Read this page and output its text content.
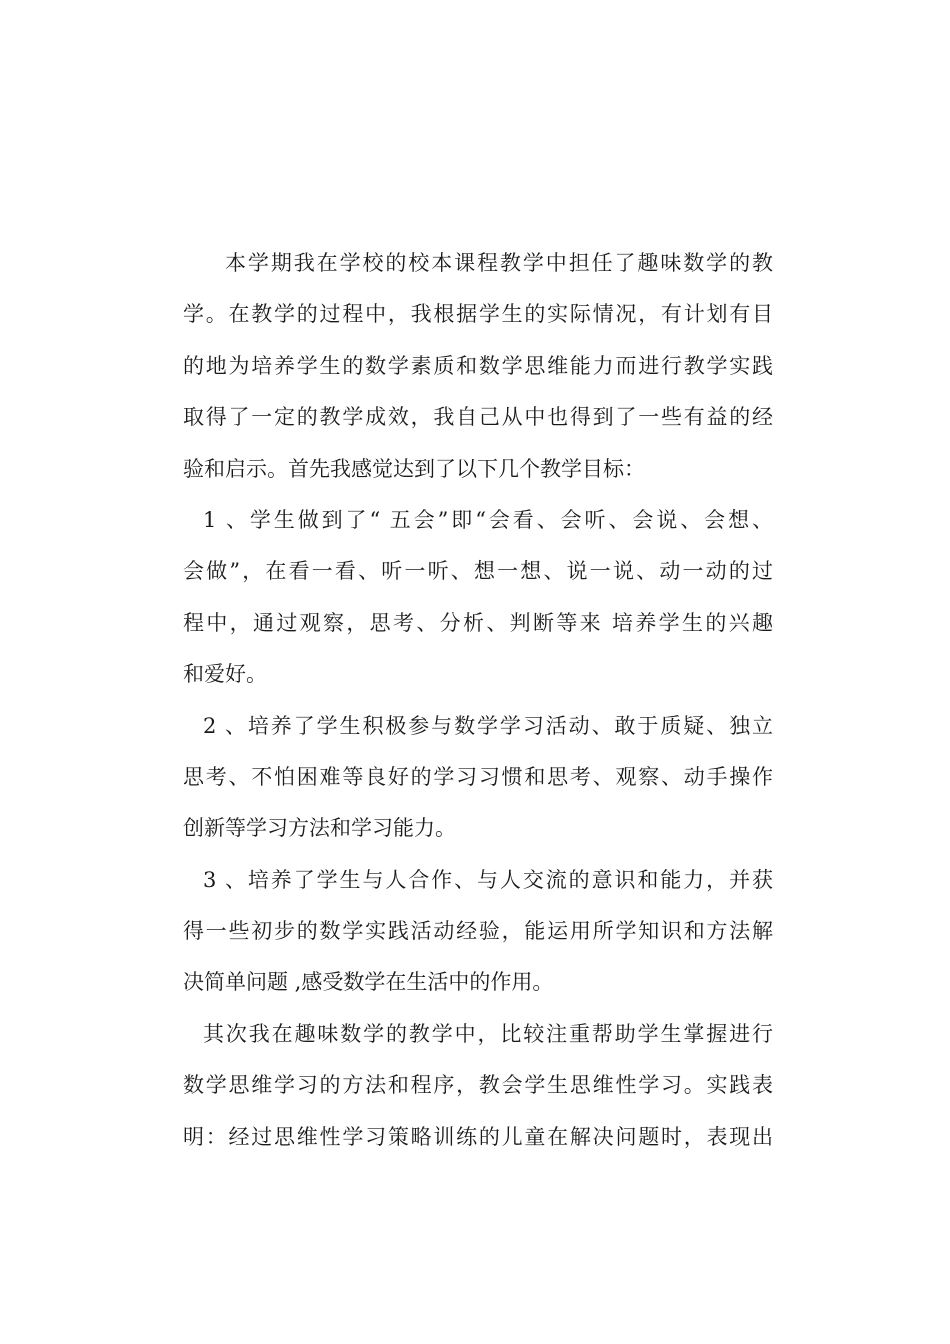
本学期我在学校的校本课程教学中担任了趣味数学的教
学。在教学的过程中，我根据学生的实际情况，有计划有目
的地为培养学生的数学素质和数学思维能力而进行教学实践
取得了一定的教学成效，我自己从中也得到了一些有益的经
验和启示。首先我感觉达到了以下几个教学目标：
1 、学生做到了“ 五会”即“会看、会听、会说、会想、
会做”，在看一看、听一听、想一想、说一说、动一动的过
程中，通过观察，思考、分析、判断等来 培养学生的兴趣
和爱好。
2 、培养了学生积极参与数学学习活动、敢于质疑、独立
思考、不怕困难等良好的学习习惯和思考、观察、动手操作
创新等学习方法和学习能力。
3 、培养了学生与人合作、与人交流的意识和能力，并获
得一些初步的数学实践活动经验，能运用所学知识和方法解
决简单问题 ,感受数学在生活中的作用。
其次我在趣味数学的教学中，比较注重帮助学生掌握进行
数学思维学习的方法和程序，教会学生思维性学习。实践表
明：经过思维性学习策略训练的儿童在解决问题时，表现出
